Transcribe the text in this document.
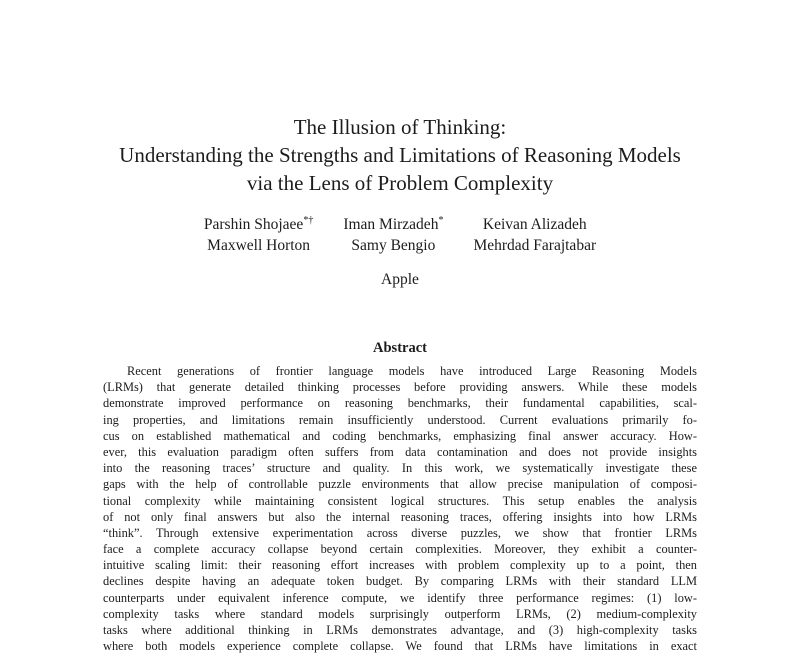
The Illusion of Thinking:
Understanding the Strengths and Limitations of Reasoning Models
via the Lens of Problem Complexity
Parshin Shojaee*† Iman Mirzadeh*	Keivan Alizadeh
Maxwell Horton	Samy Bengio	Mehrdad Farajtabar
Apple
Abstract
Recent generations of frontier language models have introduced Large Reasoning Models
(LRMs) that generate detailed thinking processes before providing answers. While these models
demonstrate improved performance on reasoning benchmarks, their fundamental capabilities, scal-
ing properties, and limitations remain insufficiently understood. Current evaluations primarily fo-
cus on established mathematical and coding benchmarks, emphasizing final answer accuracy. How-
ever, this evaluation paradigm often suffers from data contamination and does not provide insights
into the reasoning traces’ structure and quality. In this work, we systematically investigate these
gaps with the help of controllable puzzle environments that allow precise manipulation of composi-
tional complexity while maintaining consistent logical structures. This setup enables the analysis
of not only final answers but also the internal reasoning traces, offering insights into how LRMs
“think”. Through extensive experimentation across diverse puzzles, we show that frontier LRMs
face a complete accuracy collapse beyond certain complexities. Moreover, they exhibit a counter-
intuitive scaling limit: their reasoning effort increases with problem complexity up to a point, then
declines despite having an adequate token budget. By comparing LRMs with their standard LLM
counterparts under equivalent inference compute, we identify three performance regimes: (1) low-
complexity tasks where standard models surprisingly outperform LRMs, (2) medium-complexity
tasks where additional thinking in LRMs demonstrates advantage, and (3) high-complexity tasks
where both models experience complete collapse. We found that LRMs have limitations in exact
